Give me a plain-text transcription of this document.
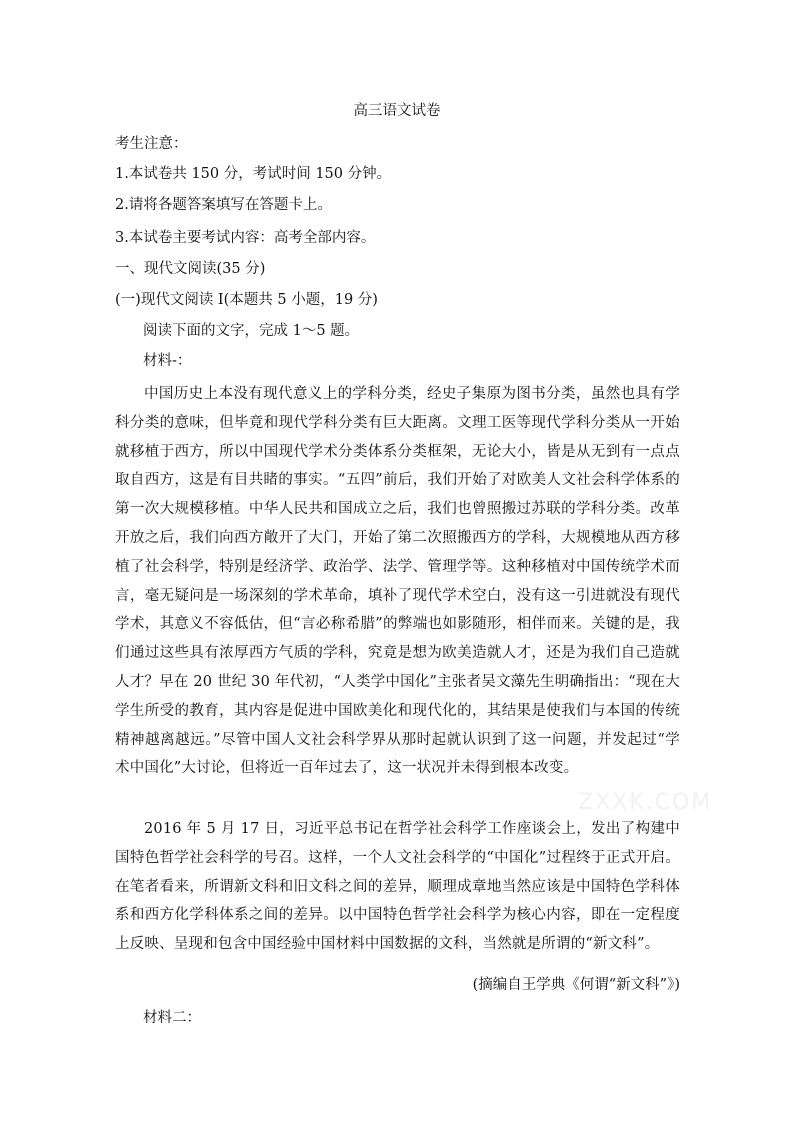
高三语文试卷
考生注意：
1.本试卷共 150 分，考试时间 150 分钟。
2.请将各题答案填写在答题卡上。
3.本试卷主要考试内容：高考全部内容。
一、现代文阅读(35 分)
(一)现代文阅读 I(本题共 5 小题，19 分)
阅读下面的文字，完成 1～5 题。
材料-：
中国历史上本没有现代意义上的学科分类，经史子集原为图书分类，虽然也具有学科分类的意味，但毕竟和现代学科分类有巨大距离。文理工医等现代学科分类从一开始就移植于西方，所以中国现代学术分类体系分类框架，无论大小，皆是从无到有一点点取自西方，这是有目共睹的事实。“五四”前后，我们开始了对欧美人文社会科学体系的第一次大规模移植。中华人民共和国成立之后，我们也曾照搬过苏联的学科分类。改革开放之后，我们向西方敞开了大门，开始了第二次照搬西方的学科，大规模地从西方移植了社会科学，特别是经济学、政治学、法学、管理学等。这种移植对中国传统学术而言，毫无疑问是一场深刻的学术革命，填补了现代学术空白，没有这一引进就没有现代学术，其意义不容低估，但“言必称希腊”的弊端也如影随形，相伴而来。关键的是，我们通过这些具有浓厚西方气质的学科，究竟是想为欧美造就人才，还是为我们自己造就人才？早在 20 世纪 30 年代初，“人类学中国化”主张者吴文藻先生明确指出：“现在大学生所受的教育，其内容是促进中国欧美化和现代化的，其结果是使我们与本国的传统精神越离越远。”尽管中国人文社会科学界从那时起就认识到了这一问题，并发起过“学术中国化”大讨论，但将近一百年过去了，这一状况并未得到根本改变。
2016 年 5 月 17 日，习近平总书记在哲学社会科学工作座谈会上，发出了构建中国特色哲学社会科学的号召。这样，一个人文社会科学的“中国化”过程终于正式开启。在笔者看来，所谓新文科和旧文科之间的差异，顺理成章地当然应该是中国特色学科体系和西方化学科体系之间的差异。以中国特色哲学社会科学为核心内容，即在一定程度上反映、呈现和包含中国经验中国材料中国数据的文科，当然就是所谓的“新文科”。
(摘编自王学典《何谓“新文科”》)
材料二：
ZXXK.COM
